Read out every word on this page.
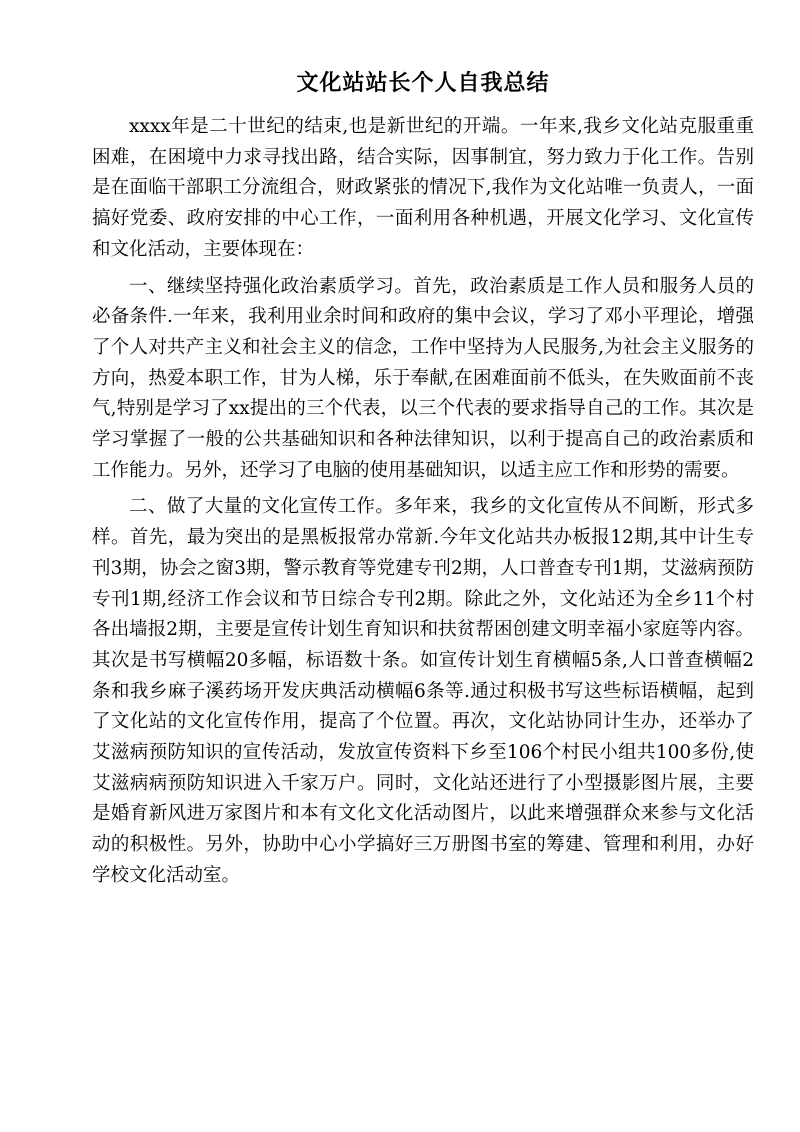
文化站站长个人自我总结

xxxx年是二十世纪的结束,也是新世纪的开端。一年来,我乡文化站克服重重困难，在困境中力求寻找出路，结合实际，因事制宜，努力致力于化工作。告别是在面临干部职工分流组合，财政紧张的情况下,我作为文化站唯一负责人，一面搞好党委、政府安排的中心工作，一面利用各种机遇，开展文化学习、文化宣传和文化活动，主要体现在：

一、继续坚持强化政治素质学习。首先，政治素质是工作人员和服务人员的必备条件.一年来，我利用业余时间和政府的集中会议，学习了邓小平理论，增强了个人对共产主义和社会主义的信念，工作中坚持为人民服务,为社会主义服务的方向，热爱本职工作，甘为人梯，乐于奉献,在困难面前不低头，在失败面前不丧气,特别是学习了xx提出的三个代表，以三个代表的要求指导自己的工作。其次是学习掌握了一般的公共基础知识和各种法律知识，以利于提高自己的政治素质和工作能力。另外，还学习了电脑的使用基础知识，以适主应工作和形势的需要。

二、做了大量的文化宣传工作。多年来，我乡的文化宣传从不间断，形式多样。首先，最为突出的是黑板报常办常新.今年文化站共办板报12期,其中计生专刊3期，协会之窗3期，警示教育等党建专刊2期，人口普查专刊1期，艾滋病预防专刊1期,经济工作会议和节日综合专刊2期。除此之外，文化站还为全乡11个村各出墙报2期，主要是宣传计划生育知识和扶贫帮困创建文明幸福小家庭等内容。其次是书写横幅20多幅，标语数十条。如宣传计划生育横幅5条,人口普查横幅2条和我乡麻子溪药场开发庆典活动横幅6条等.通过积极书写这些标语横幅，起到了文化站的文化宣传作用，提高了个位置。再次，文化站协同计生办，还举办了艾滋病预防知识的宣传活动，发放宣传资料下乡至106个村民小组共100多份,使艾滋病病预防知识进入千家万户。同时，文化站还进行了小型摄影图片展，主要是婚育新风进万家图片和本有文化文化活动图片，以此来增强群众来参与文化活动的积极性。另外，协助中心小学搞好三万册图书室的筹建、管理和利用，办好学校文化活动室。
